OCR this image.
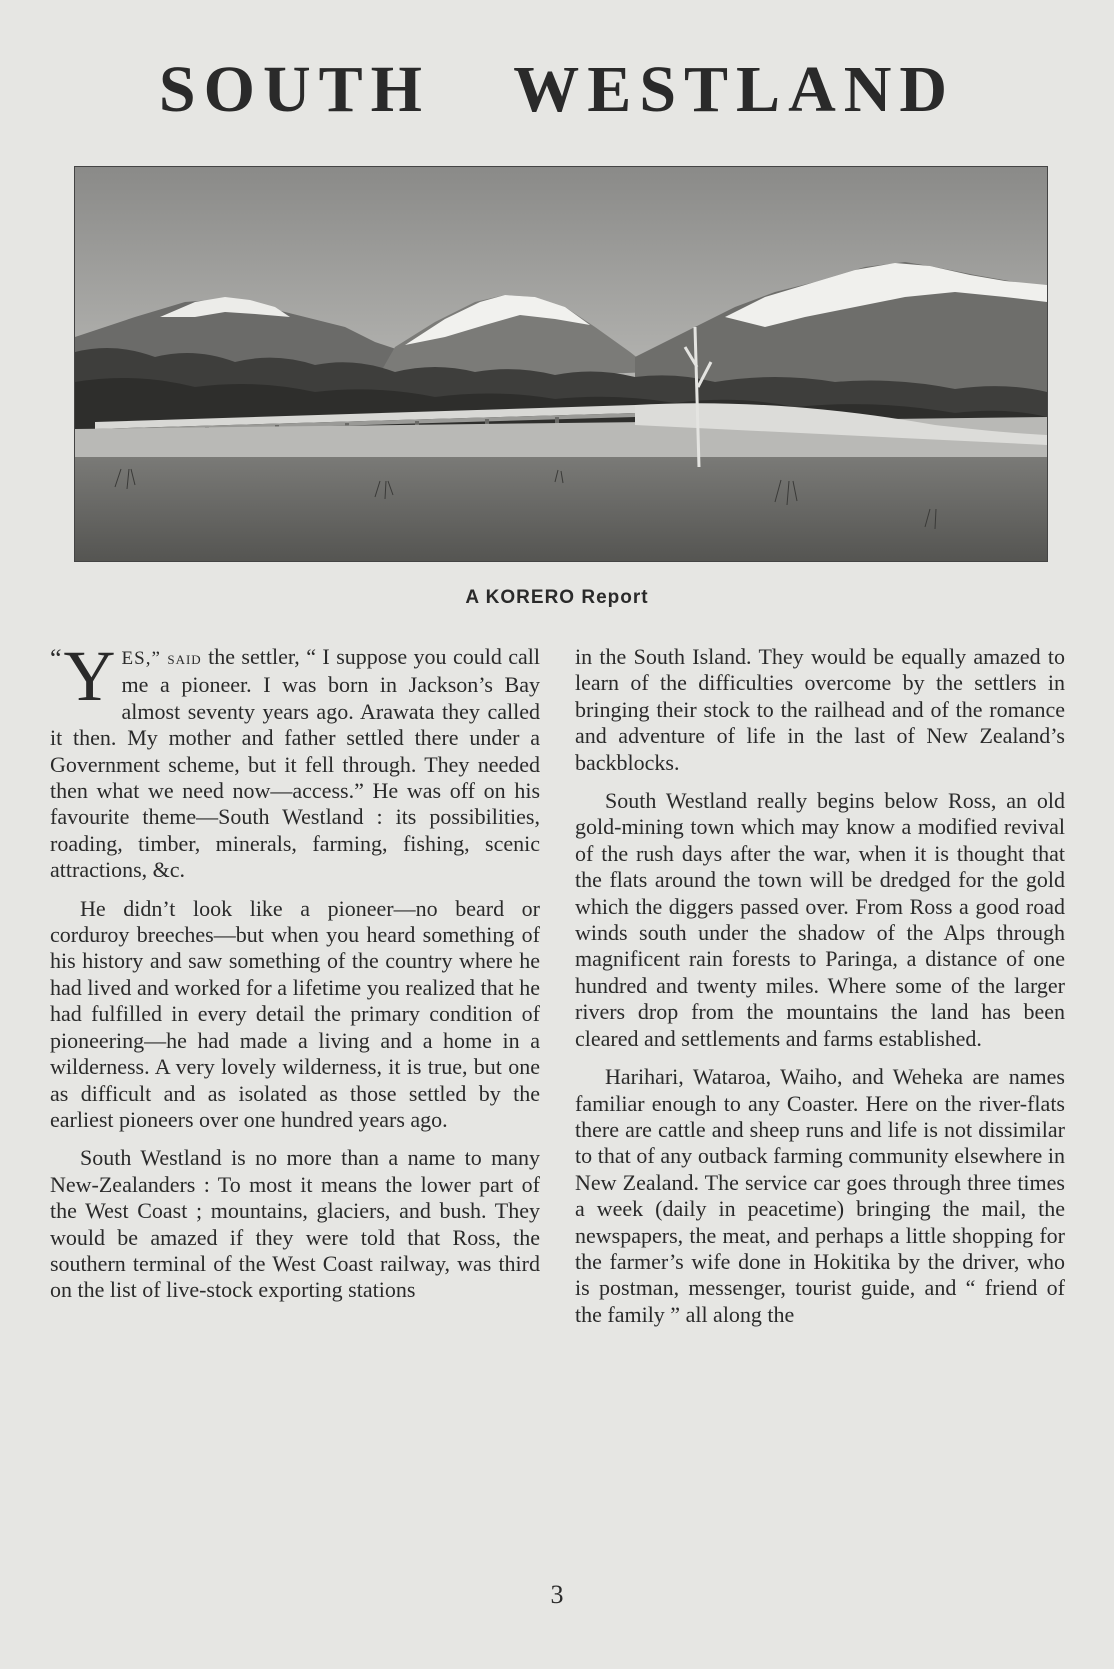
SOUTH WESTLAND
A KORERO Report

“Y ES,” said the settler, “ I suppose you could call me a pioneer. I was born in Jackson’s Bay almost seventy years ago. Arawata they called it then. My mother and father settled there under a Government scheme, but it fell through. They needed then what we need now—access.” He was off on his favourite theme—South Westland : its possibilities, roading, timber, minerals, farming, fishing, scenic attractions, &c.

He didn’t look like a pioneer—no beard or corduroy breeches—but when you heard something of his history and saw something of the country where he had lived and worked for a lifetime you realized that he had fulfilled in every detail the primary condition of pioneering—he had made a living and a home in a wilderness. A very lovely wilderness, it is true, but one as difficult and as isolated as those settled by the earliest pioneers over one hundred years ago.

South Westland is no more than a name to many New-Zealanders : To most it means the lower part of the West Coast ; mountains, glaciers, and bush. They would be amazed if they were told that Ross, the southern terminal of the West Coast railway, was third on the list of live-stock exporting stations

in the South Island. They would be equally amazed to learn of the difficulties overcome by the settlers in bringing their stock to the railhead and of the romance and adventure of life in the last of New Zealand’s backblocks.

South Westland really begins below Ross, an old gold-mining town which may know a modified revival of the rush days after the war, when it is thought that the flats around the town will be dredged for the gold which the diggers passed over. From Ross a good road winds south under the shadow of the Alps through magnificent rain forests to Paringa, a distance of one hundred and twenty miles. Where some of the larger rivers drop from the mountains the land has been cleared and settlements and farms established.

Harihari, Wataroa, Waiho, and Weheka are names familiar enough to any Coaster. Here on the river-flats there are cattle and sheep runs and life is not dissimilar to that of any outback farming community elsewhere in New Zealand. The service car goes through three times a week (daily in peacetime) bringing the mail, the newspapers, the meat, and perhaps a little shopping for the farmer’s wife done in Hokitika by the driver, who is postman, messenger, tourist guide, and “ friend of the family ” all along the

3
